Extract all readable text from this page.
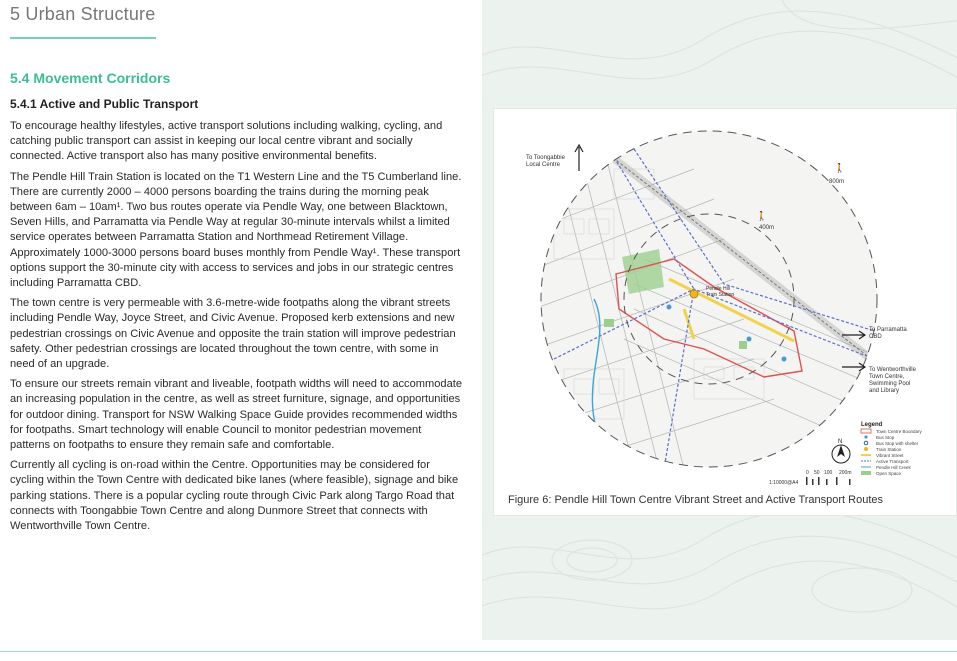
5 Urban Structure
5.4 Movement Corridors
5.4.1 Active and Public Transport

To encourage healthy lifestyles, active transport solutions including walking, cycling, and catching public transport can assist in keeping our local centre vibrant and socially connected. Active transport also has many positive environmental benefits.

The Pendle Hill Train Station is located on the T1 Western Line and the T5 Cumberland line. There are currently 2000 – 4000 persons boarding the trains during the morning peak between 6am – 10am¹. Two bus routes operate via Pendle Way, one between Blacktown, Seven Hills, and Parramatta via Pendle Way at regular 30-minute intervals whilst a limited service operates between Parramatta Station and Northmead Retirement Village. Approximately 1000-3000 persons board buses monthly from Pendle Way¹. These transport options support the 30-minute city with access to services and jobs in our strategic centres including Parramatta CBD.

The town centre is very permeable with 3.6-metre-wide footpaths along the vibrant streets including Pendle Way, Joyce Street, and Civic Avenue. Proposed kerb extensions and new pedestrian crossings on Civic Avenue and opposite the train station will improve pedestrian safety. Other pedestrian crossings are located throughout the town centre, with some in need of an upgrade.

To ensure our streets remain vibrant and liveable, footpath widths will need to accommodate an increasing population in the centre, as well as street furniture, signage, and opportunities for outdoor dining. Transport for NSW Walking Space Guide provides recommended widths for footpaths. Smart technology will enable Council to monitor pedestrian movement patterns on footpaths to ensure they remain safe and comfortable.

Currently all cycling is on-road within the Centre. Opportunities may be considered for cycling within the Town Centre with dedicated bike lanes (where feasible), signage and bike parking stations. There is a popular cycling route through Civic Park along Targo Road that connects with Toongabbie Town Centre and along Dunmore Street that connects with Wentworthville Town Centre.

To Toongabbie
Local Centre
800m
🚶
400m
🚶
Pendle Hill
Train Station
To Parramatta
CBD
To Wentworthville
Town Centre,
Swimming Pool
and Library
N
0 50 100 200m
1:10000@A4
Legend
Town Centre Boundary
Bus Stop
Bus Stop with shelter
Train Station
Vibrant Street
Active Transport
Pendle Hill Creek
Open Space
Figure 6: Pendle Hill Town Centre Vibrant Street and Active Transport Routes
